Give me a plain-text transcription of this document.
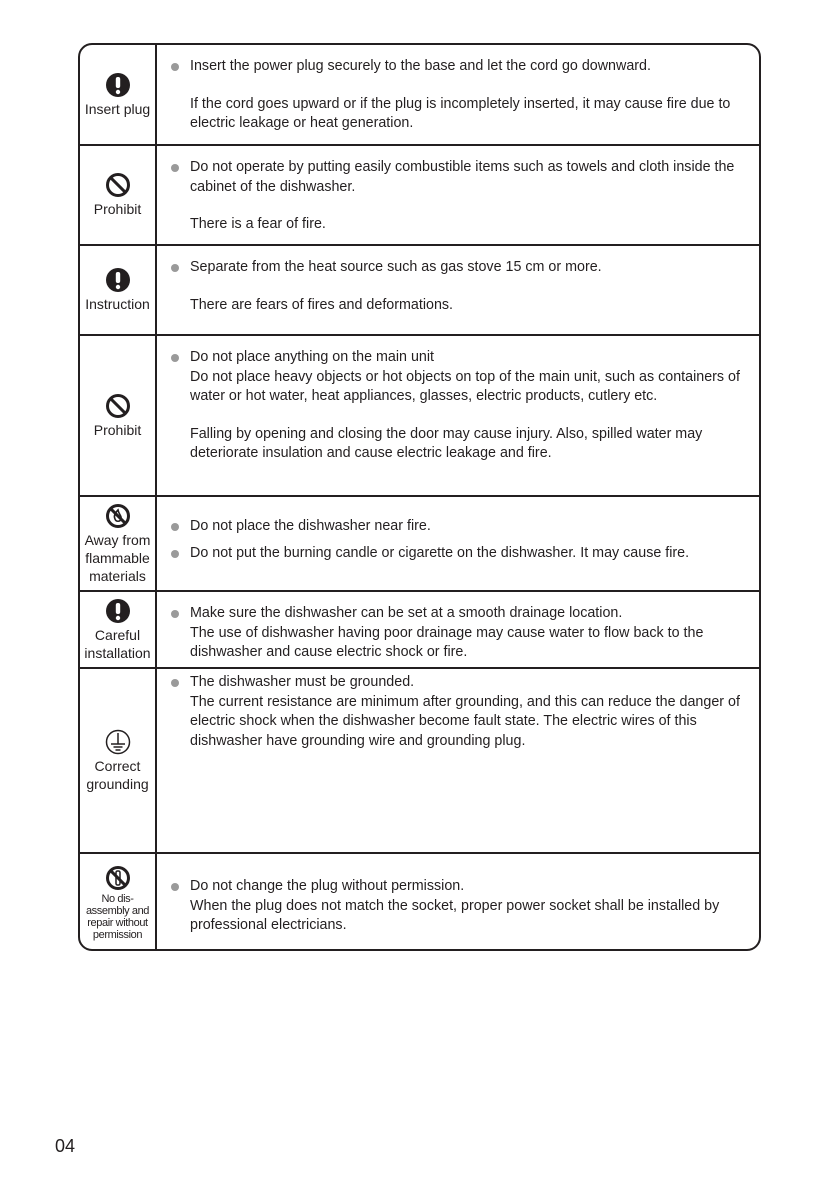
Insert plug
Insert the power plug securely to the base and let the cord go downward.
If the cord goes upward or if the plug is incompletely inserted, it may cause fire due to electric leakage or heat generation.
Prohibit
Do not operate by putting easily combustible items such as towels and cloth inside the cabinet of the dishwasher.
There is a fear of fire.
Instruction
Separate from the heat source such as gas stove 15 cm or more.
There are fears of fires and deformations.
Prohibit
Do not place anything on the main unit
Do not place heavy objects or hot objects on top of the main unit, such as containers of water or hot water, heat appliances, glasses, electric products, cutlery etc.
Falling by opening and closing the door may cause injury. Also, spilled water may deteriorate insulation and cause electric leakage and fire.
Away from flammable materials
Do not place the dishwasher near fire.
Do not put the burning candle or cigarette on the dishwasher. It may cause fire.
Careful installation
Make sure the dishwasher can be set at a smooth drainage location.
The use of dishwasher having poor drainage may cause water to flow back to the dishwasher and cause electric shock or fire.
Correct grounding
The dishwasher must be grounded.
The current resistance are minimum after grounding, and this can reduce the danger of electric shock when the dishwasher become fault state. The electric wires of this dishwasher have grounding wire and grounding plug.
No dis-assembly and repair without permission
Do not change the plug without permission.
When the plug does not match the socket, proper power socket shall be installed by professional electricians.
04
